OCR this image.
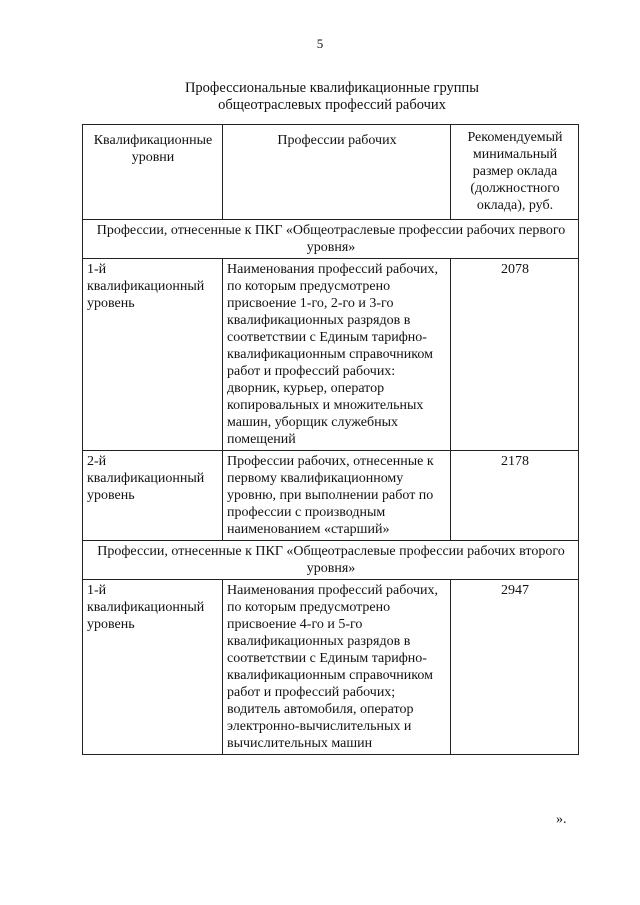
5
Профессиональные квалификационные группы
общеотраслевых профессий рабочих
Квалификационные уровни	Профессии рабочих	Рекомендуемый минимальный размер оклада (должностного оклада), руб.
Профессии, отнесенные к ПКГ «Общеотраслевые профессии рабочих первого уровня»		
1-й квалификационный уровень	Наименования профессий рабочих, по которым предусмотрено присвоение 1-го, 2-го и 3-го квалификационных разрядов в соответствии с Единым тарифно-квалификационным справочником работ и профессий рабочих: дворник, курьер, оператор копировальных и множительных машин, уборщик служебных помещений	2078
2-й квалификационный уровень	Профессии рабочих, отнесенные к первому квалификационному уровню, при выполнении работ по профессии с производным наименованием «старший»	2178
Профессии, отнесенные к ПКГ «Общеотраслевые профессии рабочих второго уровня»		
1-й квалификационный уровень	Наименования профессий рабочих, по которым предусмотрено присвоение 4-го и 5-го квалификационных разрядов в соответствии с Единым тарифно-квалификационным справочником работ и профессий рабочих; водитель автомобиля, оператор электронно-вычислительных и вычислительных машин	2947
».
